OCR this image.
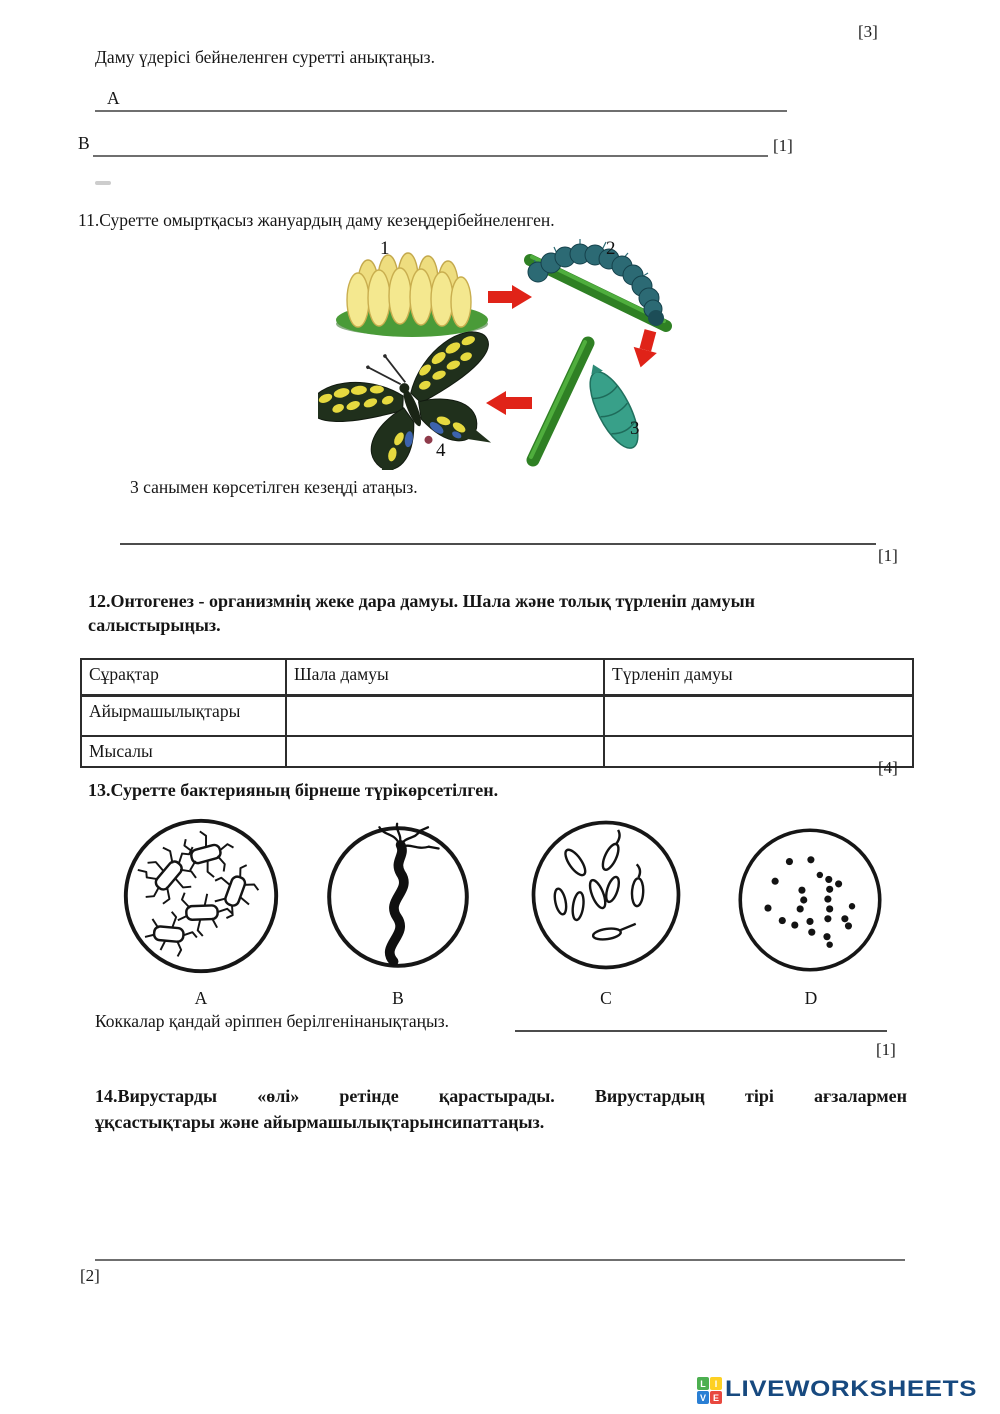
[3]
Даму үдерісі бейнеленген суретті анықтаңыз.
А
В	[1]
11.Суретте омыртқасыз жануардың даму кезеңдерібейнеленген.
1	2
3
4
3 санымен көрсетілген кезеңді атаңыз.
[1]
12.Онтогенез - организмнің жеке дара дамуы. Шала және толық түрленіп дамуын
салыстырыңыз.
Сұрақтар	Шала дамуы	Түрленіп дамуы
Айырмашылықтары		
Мысалы		
[4]
13.Суретте бактерияның бірнеше түрікөрсетілген.
A	B	C	D
Коккалар қандай әріппен берілгенінанықтаңыз.
[1]
14.Вирустарды «өлі» ретінде қарастырады. Вирустардың тірі ағзалармен
ұқсастықтары және айырмашылықтарынсипаттаңыз.
[2]
L I
V E LIVEWORKSHEETS
